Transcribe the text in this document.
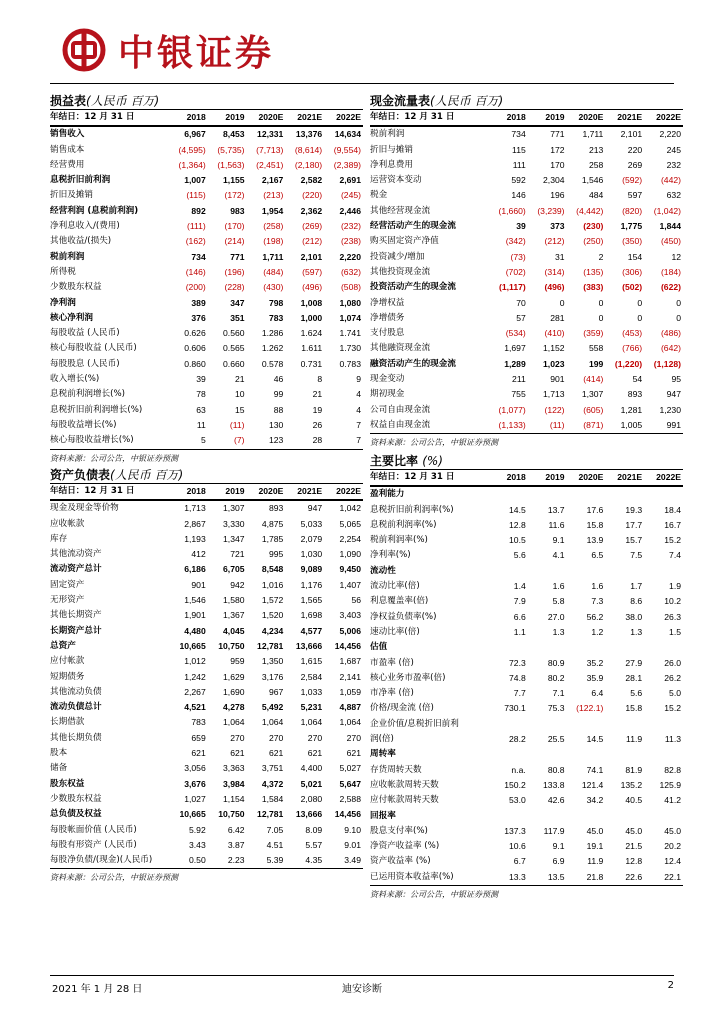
中银证券
损益表(人民币 百万)
年结日：12 月 31 日	2018	2019	2020E	2021E	2022E
销售收入	6,967	8,453	12,331	13,376	14,634
销售成本	(4,595)	(5,735)	(7,713)	(8,614)	(9,554)
经营费用	(1,364)	(1,563)	(2,451)	(2,180)	(2,389)
息税折旧前利润	1,007	1,155	2,167	2,582	2,691
折旧及摊销	(115)	(172)	(213)	(220)	(245)
经营利润 (息税前利润)	892	983	1,954	2,362	2,446
净利息收入/(费用)	(111)	(170)	(258)	(269)	(232)
其他收益/(损失)	(162)	(214)	(198)	(212)	(238)
税前利润	734	771	1,711	2,101	2,220
所得税	(146)	(196)	(484)	(597)	(632)
少数股东权益	(200)	(228)	(430)	(496)	(508)
净利润	389	347	798	1,008	1,080
核心净利润	376	351	783	1,000	1,074
每股收益 (人民币)	0.626	0.560	1.286	1.624	1.741
核心每股收益 (人民币)	0.606	0.565	1.262	1.611	1.730
每股股息 (人民币)	0.860	0.660	0.578	0.731	0.783
收入增长(%)	39	21	46	8	9
息税前利润增长(%)	78	10	99	21	4
息税折旧前利润增长(%)	63	15	88	19	4
每股收益增长(%)	11	(11)	130	26	7
核心每股收益增长(%)	5	(7)	123	28	7
资料来源：公司公告，中银证券预测
现金流量表(人民币 百万)
年结日：12 月 31 日	2018	2019	2020E	2021E	2022E
税前利润	734	771	1,711	2,101	2,220
折旧与摊销	115	172	213	220	245
净利息费用	111	170	258	269	232
运营资本变动	592	2,304	1,546	(592)	(442)
税金	146	196	484	597	632
其他经营现金流	(1,660)	(3,239)	(4,442)	(820)	(1,042)
经营活动产生的现金流	39	373	(230)	1,775	1,844
购买固定资产净值	(342)	(212)	(250)	(350)	(450)
投资减少/增加	(73)	31	2	154	12
其他投资现金流	(702)	(314)	(135)	(306)	(184)
投资活动产生的现金流	(1,117)	(496)	(383)	(502)	(622)
净增权益	70	0	0	0	0
净增债务	57	281	0	0	0
支付股息	(534)	(410)	(359)	(453)	(486)
其他融资现金流	1,697	1,152	558	(766)	(642)
融资活动产生的现金流	1,289	1,023	199	(1,220)	(1,128)
现金变动	211	901	(414)	54	95
期初现金	755	1,713	1,307	893	947
公司自由现金流	(1,077)	(122)	(605)	1,281	1,230
权益自由现金流	(1,133)	(11)	(871)	1,005	991
资料来源：公司公告，中银证券预测
资产负债表(人民币 百万)
年结日：12 月 31 日	2018	2019	2020E	2021E	2022E
现金及现金等价物	1,713	1,307	893	947	1,042
应收帐款	2,867	3,330	4,875	5,033	5,065
库存	1,193	1,347	1,785	2,079	2,254
其他流动资产	412	721	995	1,030	1,090
流动资产总计	6,186	6,705	8,548	9,089	9,450
固定资产	901	942	1,016	1,176	1,407
无形资产	1,546	1,580	1,572	1,565	56
其他长期资产	1,901	1,367	1,520	1,698	3,403
长期资产总计	4,480	4,045	4,234	4,577	5,006
总资产	10,665	10,750	12,781	13,666	14,456
应付帐款	1,012	959	1,350	1,615	1,687
短期债务	1,242	1,629	3,176	2,584	2,141
其他流动负债	2,267	1,690	967	1,033	1,059
流动负债总计	4,521	4,278	5,492	5,231	4,887
长期借款	783	1,064	1,064	1,064	1,064
其他长期负债	659	270	270	270	270
股本	621	621	621	621	621
储备	3,056	3,363	3,751	4,400	5,027
股东权益	3,676	3,984	4,372	5,021	5,647
少数股东权益	1,027	1,154	1,584	2,080	2,588
总负债及权益	10,665	10,750	12,781	13,666	14,456
每股帐面价值 (人民币)	5.92	6.42	7.05	8.09	9.10
每股有形资产 (人民币)	3.43	3.87	4.51	5.57	9.01
每股净负债/(现金)(人民币)	0.50	2.23	5.39	4.35	3.49
资料来源：公司公告，中银证券预测
主要比率 (%)
年结日：12 月 31 日	2018	2019	2020E	2021E	2022E
盈利能力					
息税折旧前利润率(%)	14.5	13.7	17.6	19.3	18.4
息税前利润率(%)	12.8	11.6	15.8	17.7	16.7
税前利润率(%)	10.5	9.1	13.9	15.7	15.2
净利率(%)	5.6	4.1	6.5	7.5	7.4
流动性					
流动比率(倍)	1.4	1.6	1.6	1.7	1.9
利息覆盖率(倍)	7.9	5.8	7.3	8.6	10.2
净权益负债率(%)	6.6	27.0	56.2	38.0	26.3
速动比率(倍)	1.1	1.3	1.2	1.3	1.5
估值					
市盈率 (倍)	72.3	80.9	35.2	27.9	26.0
核心业务市盈率(倍)	74.8	80.2	35.9	28.1	26.2
市净率 (倍)	7.7	7.1	6.4	5.6	5.0
价格/现金流 (倍)	730.1	75.3	(122.1)	15.8	15.2
企业价值/息税折旧前利					
润(倍)	28.2	25.5	14.5	11.9	11.3
周转率					
存货周转天数	n.a.	80.8	74.1	81.9	82.8
应收帐款周转天数	150.2	133.8	121.4	135.2	125.9
应付帐款周转天数	53.0	42.6	34.2	40.5	41.2
回报率					
股息支付率(%)	137.3	117.9	45.0	45.0	45.0
净资产收益率 (%)	10.6	9.1	19.1	21.5	20.2
资产收益率 (%)	6.7	6.9	11.9	12.8	12.4
已运用资本收益率(%)	13.3	13.5	21.8	22.6	22.1
资料来源：公司公告，中银证券预测
2021 年 1 月 28 日	迪安诊断	2
